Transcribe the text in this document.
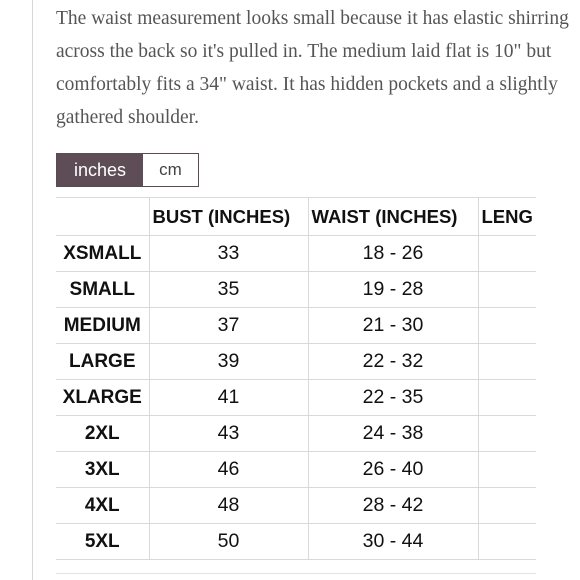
The waist measurement looks small because it has elastic shirring across the back so it's pulled in. The medium laid flat is 10" but comfortably fits a 34" waist. It has hidden pockets and a slightly gathered shoulder.

inches	cm
	BUST (INCHES)	WAIST (INCHES)	LENG
XSMALL	33	18 - 26	
SMALL	35	19 - 28	
MEDIUM	37	21 - 30	
LARGE	39	22 - 32	
XLARGE	41	22 - 35	
2XL	43	24 - 38	
3XL	46	26 - 40	
4XL	48	28 - 42	
5XL	50	30 - 44	
